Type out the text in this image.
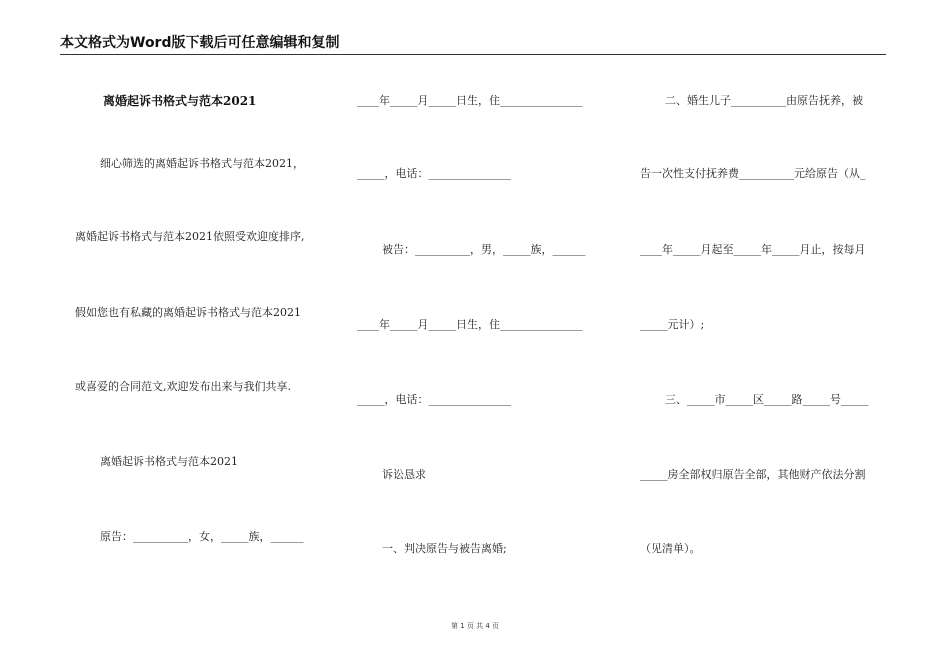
本文格式为Word版下载后可任意编辑和复制
离婚起诉书格式与范本2021
细心筛选的离婚起诉书格式与范本2021，
离婚起诉书格式与范本2021依照受欢迎度排序,
假如您也有私藏的离婚起诉书格式与范本2021
或喜爱的合同范文,欢迎发布出来与我们共享.
离婚起诉书格式与范本2021
原告：__________，女，_____族，______
____年_____月_____日生，住_______________
_____，电话：_______________
被告：__________，男，_____族，______
____年_____月_____日生，住_______________
_____，电话：_______________
诉讼恳求
一、判决原告与被告离婚;
二、婚生儿子__________由原告抚养，被
告一次性支付抚养费__________元给原告（从_
____年_____月起至_____年_____月止，按每月
_____元计）;
三、_____市_____区_____路_____号_____
_____房全部权归原告全部，其他财产依法分割
（见清单）。
第 1 页 共 4 页
